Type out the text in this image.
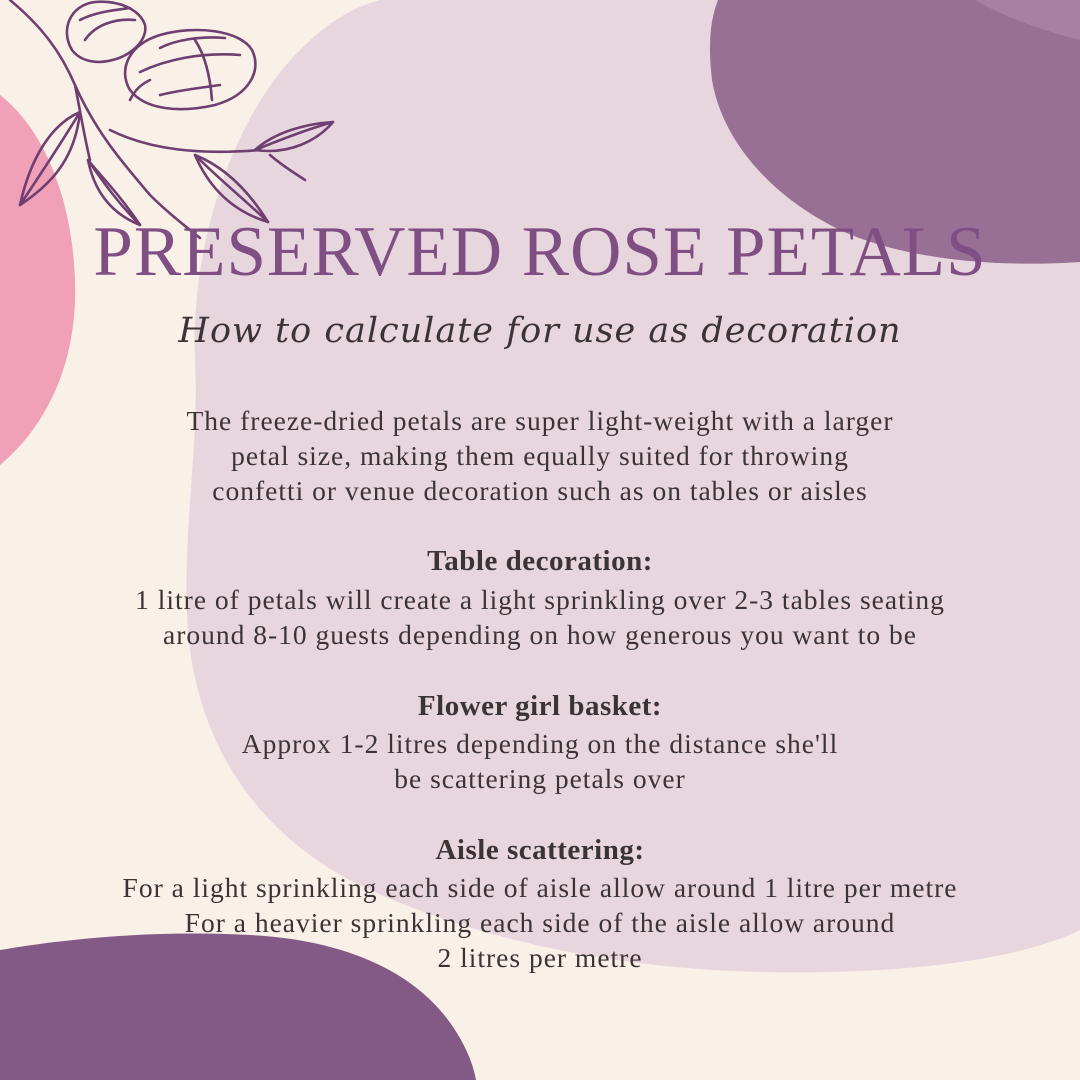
PRESERVED ROSE PETALS
How to calculate for use as decoration
The freeze-dried petals are super light-weight with a larger
petal size, making them equally suited for throwing
confetti or venue decoration such as on tables or aisles
Table decoration:
1 litre of petals will create a light sprinkling over 2-3 tables seating
around 8-10 guests depending on how generous you want to be
Flower girl basket:
Approx 1-2 litres depending on the distance she'll
be scattering petals over
Aisle scattering:
For a light sprinkling each side of aisle allow around 1 litre per metre
For a heavier sprinkling each side of the aisle allow around
2 litres per metre
